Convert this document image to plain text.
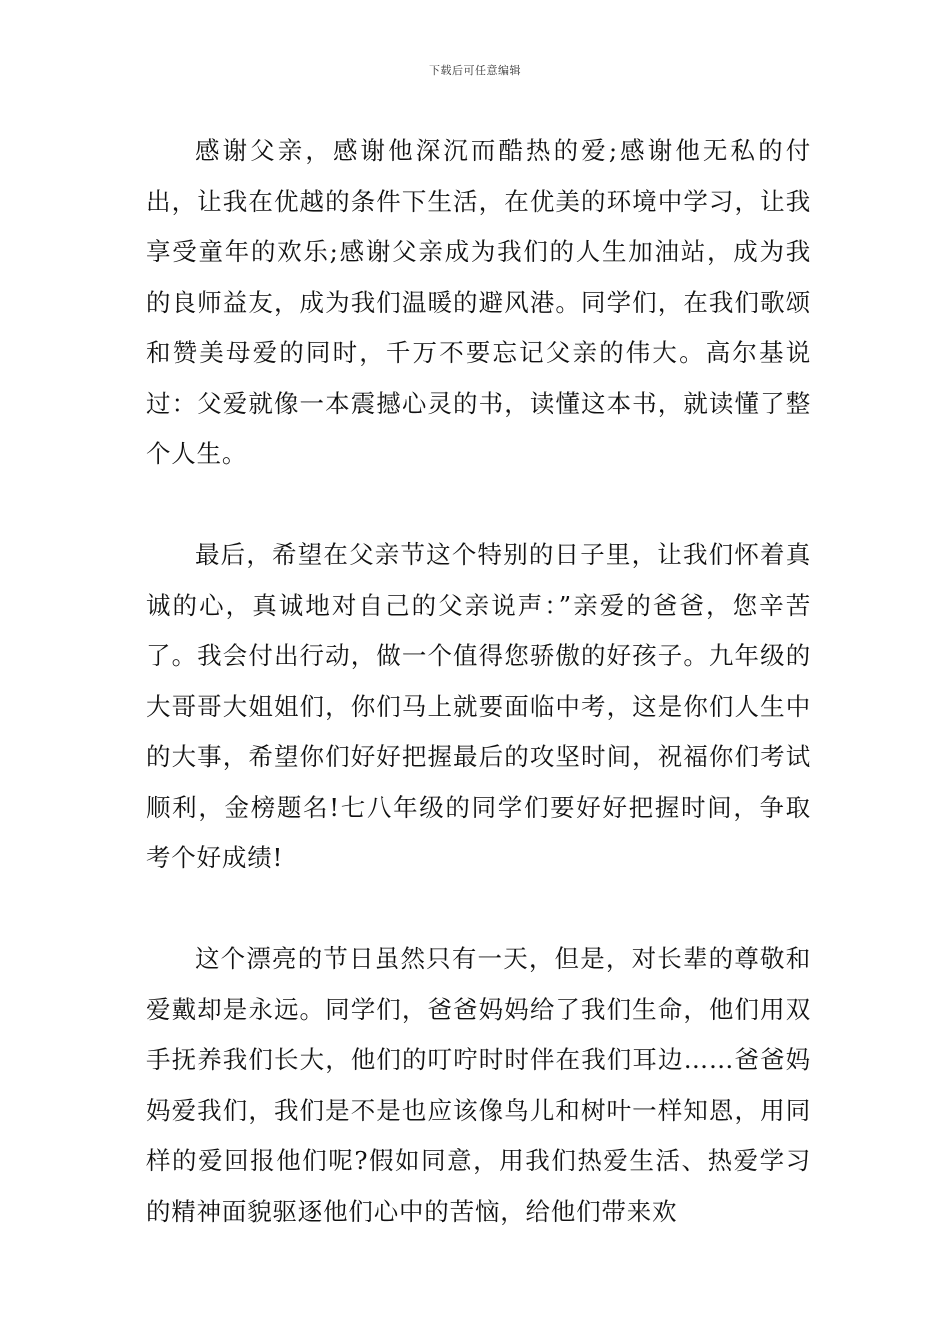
下载后可任意编辑

感谢父亲，感谢他深沉而酷热的爱;感谢他无私的付出，让我在优越的条件下生活，在优美的环境中学习，让我享受童年的欢乐;感谢父亲成为我们的人生加油站，成为我的良师益友，成为我们温暖的避风港。同学们，在我们歌颂和赞美母爱的同时，千万不要忘记父亲的伟大。高尔基说过：父爱就像一本震撼心灵的书，读懂这本书，就读懂了整个人生。

最后，希望在父亲节这个特别的日子里，让我们怀着真诚的心，真诚地对自己的父亲说声：”亲爱的爸爸，您辛苦了。我会付出行动，做一个值得您骄傲的好孩子。九年级的大哥哥大姐姐们，你们马上就要面临中考，这是你们人生中的大事，希望你们好好把握最后的攻坚时间，祝福你们考试顺利，金榜题名!七八年级的同学们要好好把握时间，争取考个好成绩!

这个漂亮的节日虽然只有一天，但是，对长辈的尊敬和爱戴却是永远。同学们，爸爸妈妈给了我们生命，他们用双手抚养我们长大，他们的叮咛时时伴在我们耳边……爸爸妈妈爱我们，我们是不是也应该像鸟儿和树叶一样知恩，用同样的爱回报他们呢?假如同意，用我们热爱生活、热爱学习的精神面貌驱逐他们心中的苦恼，给他们带来欢
